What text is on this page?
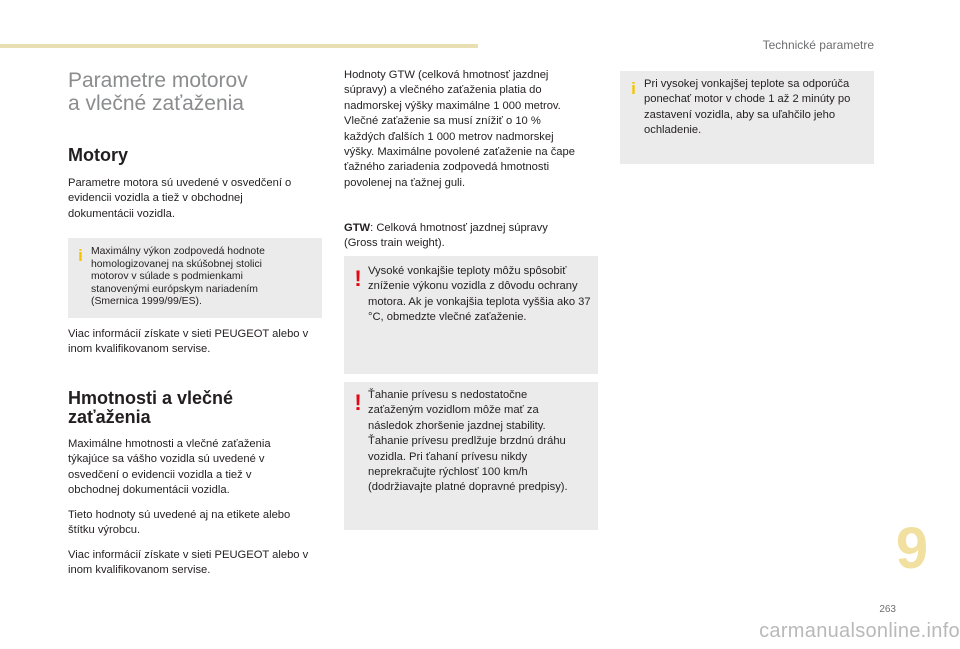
Technické parametre
Parametre motorov
a vlečné zaťaženia
Motory

Parametre motora sú uvedené v osvedčení o evidencii vozidla a tiež v obchodnej dokumentácii vozidla.

i Maximálny výkon zodpovedá hodnote homologizovanej na skúšobnej stolici motorov v súlade s podmienkami stanovenými európskym nariadením (Smernica 1999/99/ES).

Viac informácií získate v sieti PEUGEOT alebo v inom kvalifikovanom servise.

Hmotnosti a vlečné zaťaženia

Maximálne hmotnosti a vlečné zaťaženia týkajúce sa vášho vozidla sú uvedené v osvedčení o evidencii vozidla a tiež v obchodnej dokumentácii vozidla.

Tieto hodnoty sú uvedené aj na etikete alebo štítku výrobcu.

Viac informácií získate v sieti PEUGEOT alebo v inom kvalifikovanom servise.

Hodnoty GTW (celková hmotnosť jazdnej súpravy) a vlečného zaťaženia platia do nadmorskej výšky maximálne 1 000 metrov. Vlečné zaťaženie sa musí znížiť o 10 % každých ďalších 1 000 metrov nadmorskej výšky. Maximálne povolené zaťaženie na čape ťažného zariadenia zodpovedá hmotnosti povolenej na ťažnej guli.

GTW: Celková hmotnosť jazdnej súpravy (Gross train weight).

! Vysoké vonkajšie teploty môžu spôsobiť zníženie výkonu vozidla z dôvodu ochrany motora. Ak je vonkajšia teplota vyššia ako 37 °C, obmedzte vlečné zaťaženie.
! Ťahanie prívesu s nedostatočne zaťaženým vozidlom môže mať za následok zhoršenie jazdnej stability. Ťahanie prívesu predlžuje brzdnú dráhu vozidla. Pri ťahaní prívesu nikdy neprekračujte rýchlosť 100 km/h (dodržiavajte platné dopravné predpisy).
i Pri vysokej vonkajšej teplote sa odporúča ponechať motor v chode 1 až 2 minúty po zastavení vozidla, aby sa uľahčilo jeho ochladenie.
9
263
carmanualsonline.info
